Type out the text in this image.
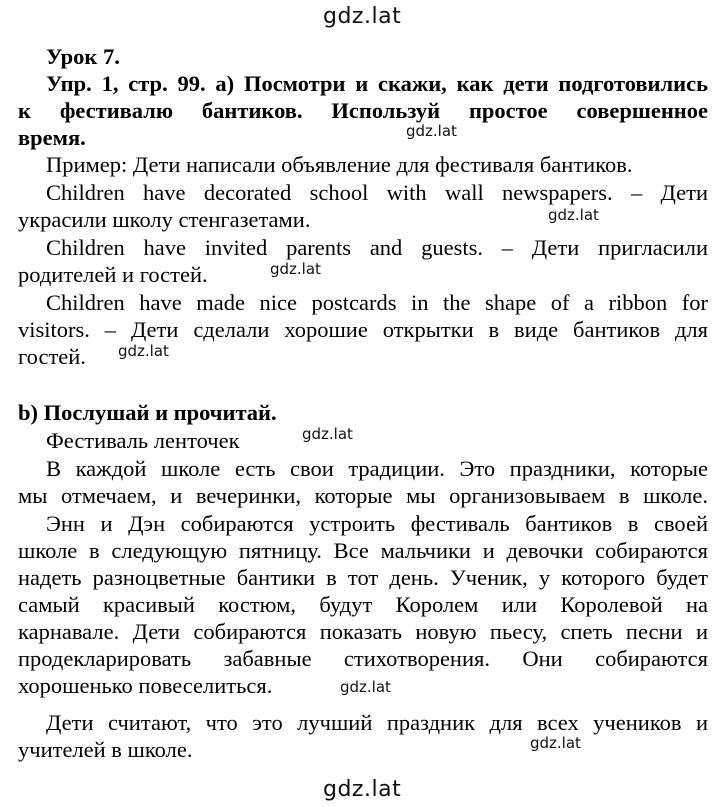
gdz.lat
gdz.lat
gdz.lat
gdz.lat
gdz.lat
gdz.lat
gdz.lat
gdz.lat
gdz.lat
Урок 7.
Упр. 1, стр. 99. a) Посмотри и скажи, как дети подготовились
к фестивалю бантиков. Используй простое совершенное
время.
Пример: Дети написали объявление для фестиваля бантиков.
Children have decorated school with wall newspapers. – Дети
украсили школу стенгазетами.
Children have invited parents and guests. – Дети пригласили
родителей и гостей.
Children have made nice postcards in the shape of a ribbon for
visitors. – Дети сделали хорошие открытки в виде бантиков для
гостей.
b) Послушай и прочитай.
Фестиваль ленточек
В каждой школе есть свои традиции. Это праздники, которые
мы отмечаем, и вечеринки, которые мы организовываем в школе.
Энн и Дэн собираются устроить фестиваль бантиков в своей
школе в следующую пятницу. Все мальчики и девочки собираются
надеть разноцветные бантики в тот день. Ученик, у которого будет
самый красивый костюм, будут Королем или Королевой на
карнавале. Дети собираются показать новую пьесу, спеть песни и
продекларировать забавные стихотворения. Они собираются
хорошенько повеселиться.
Дети считают, что это лучший праздник для всех учеников и
учителей в школе.
